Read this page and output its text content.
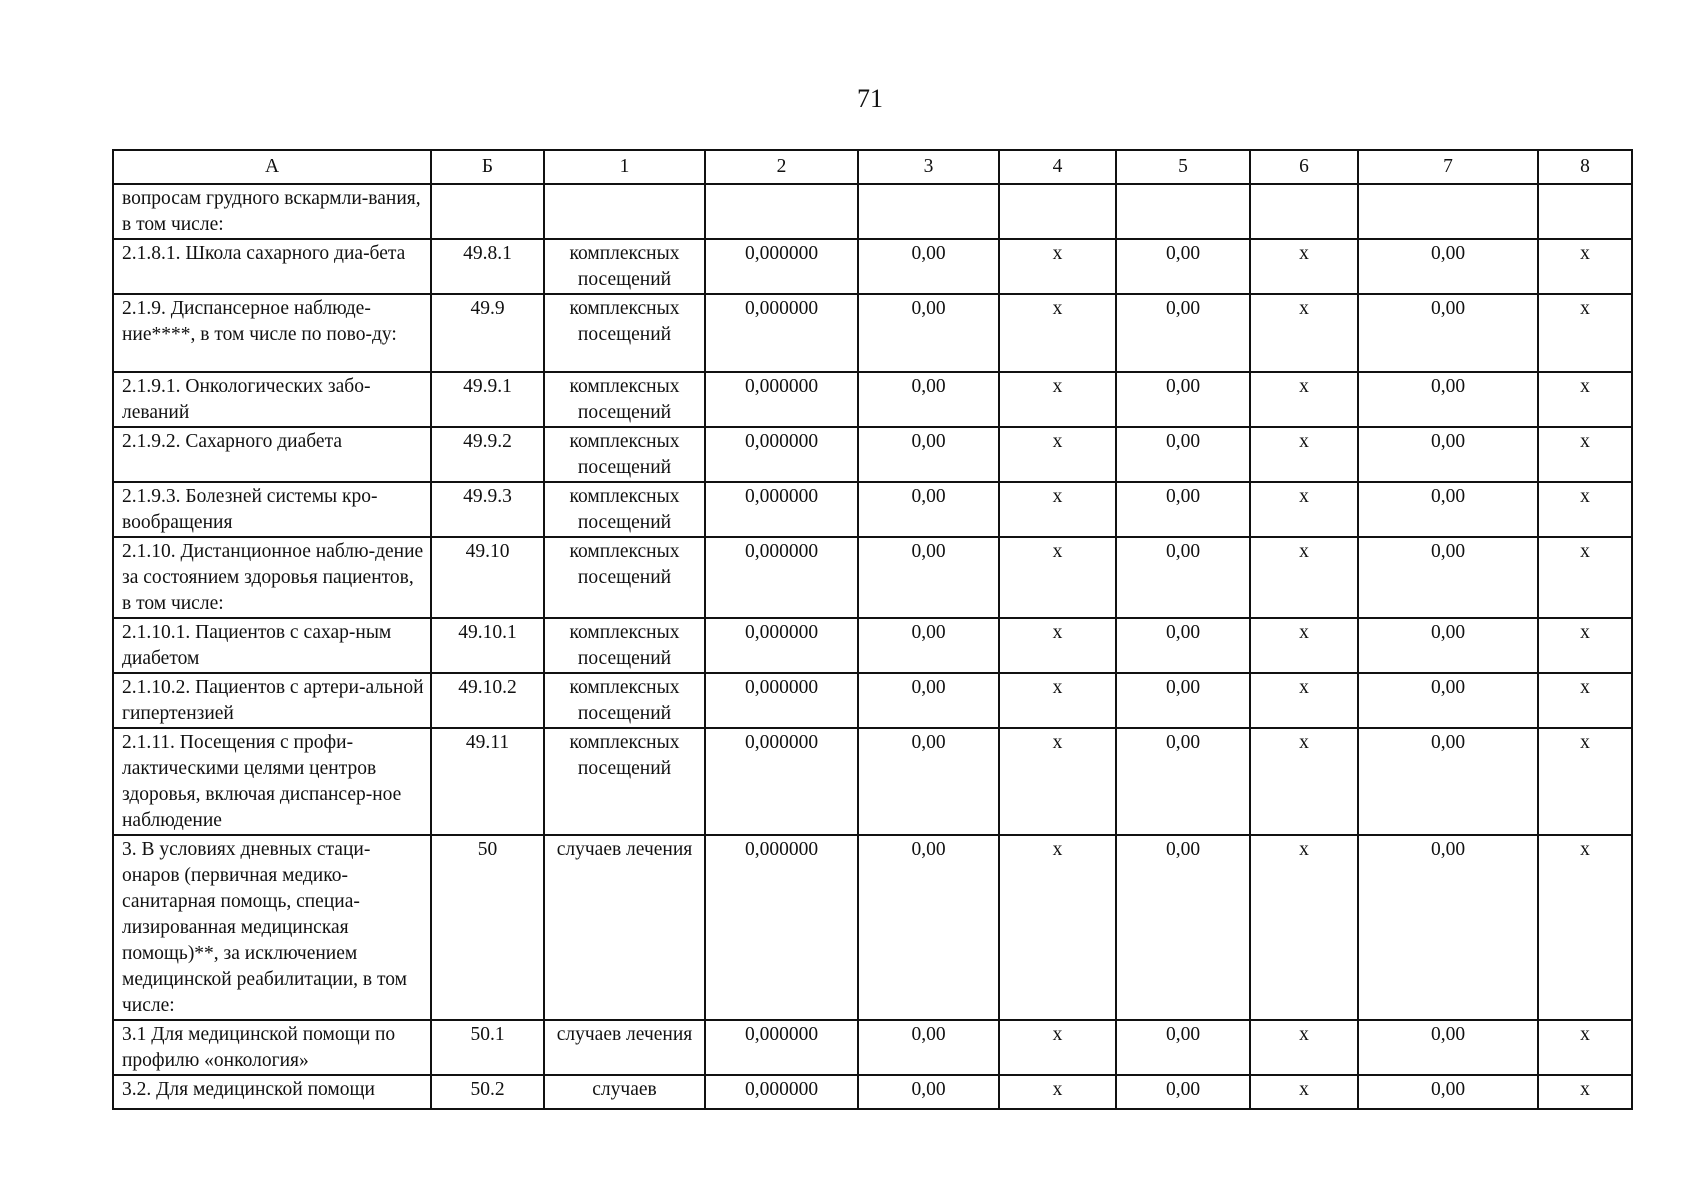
71
А	Б	1	2	3	4	5	6	7	8
вопросам грудного вскармли-вания, в том числе:									
2.1.8.1. Школа сахарного диа-бета	49.8.1	комплексных посещений	0,000000	0,00	х	0,00	х	0,00	х
2.1.9. Диспансерное наблюде-ние****, в том числе по пово-ду:	49.9	комплексных посещений	0,000000	0,00	х	0,00	х	0,00	х
2.1.9.1. Онкологических забо-леваний	49.9.1	комплексных посещений	0,000000	0,00	х	0,00	х	0,00	х
2.1.9.2. Сахарного диабета	49.9.2	комплексных посещений	0,000000	0,00	х	0,00	х	0,00	х
2.1.9.3. Болезней системы кро-вообращения	49.9.3	комплексных посещений	0,000000	0,00	х	0,00	х	0,00	х
2.1.10. Дистанционное наблю-дение за состоянием здоровья пациентов, в том числе:	49.10	комплексных посещений	0,000000	0,00	х	0,00	х	0,00	х
2.1.10.1. Пациентов с сахар-ным диабетом	49.10.1	комплексных посещений	0,000000	0,00	х	0,00	х	0,00	х
2.1.10.2. Пациентов с артери-альной гипертензией	49.10.2	комплексных посещений	0,000000	0,00	х	0,00	х	0,00	х
2.1.11. Посещения с профи-лактическими целями центров здоровья, включая диспансер-ное наблюдение	49.11	комплексных посещений	0,000000	0,00	х	0,00	х	0,00	х
3. В условиях дневных стаци-онаров (первичная медико-санитарная помощь, специа-лизированная медицинская помощь)**, за исключением медицинской реабилитации, в том числе:	50	случаев лечения	0,000000	0,00	х	0,00	х	0,00	х
3.1 Для медицинской помощи по профилю «онкология»	50.1	случаев лечения	0,000000	0,00	х	0,00	х	0,00	х
3.2. Для медицинской помощи	50.2	случаев	0,000000	0,00	х	0,00	х	0,00	х
